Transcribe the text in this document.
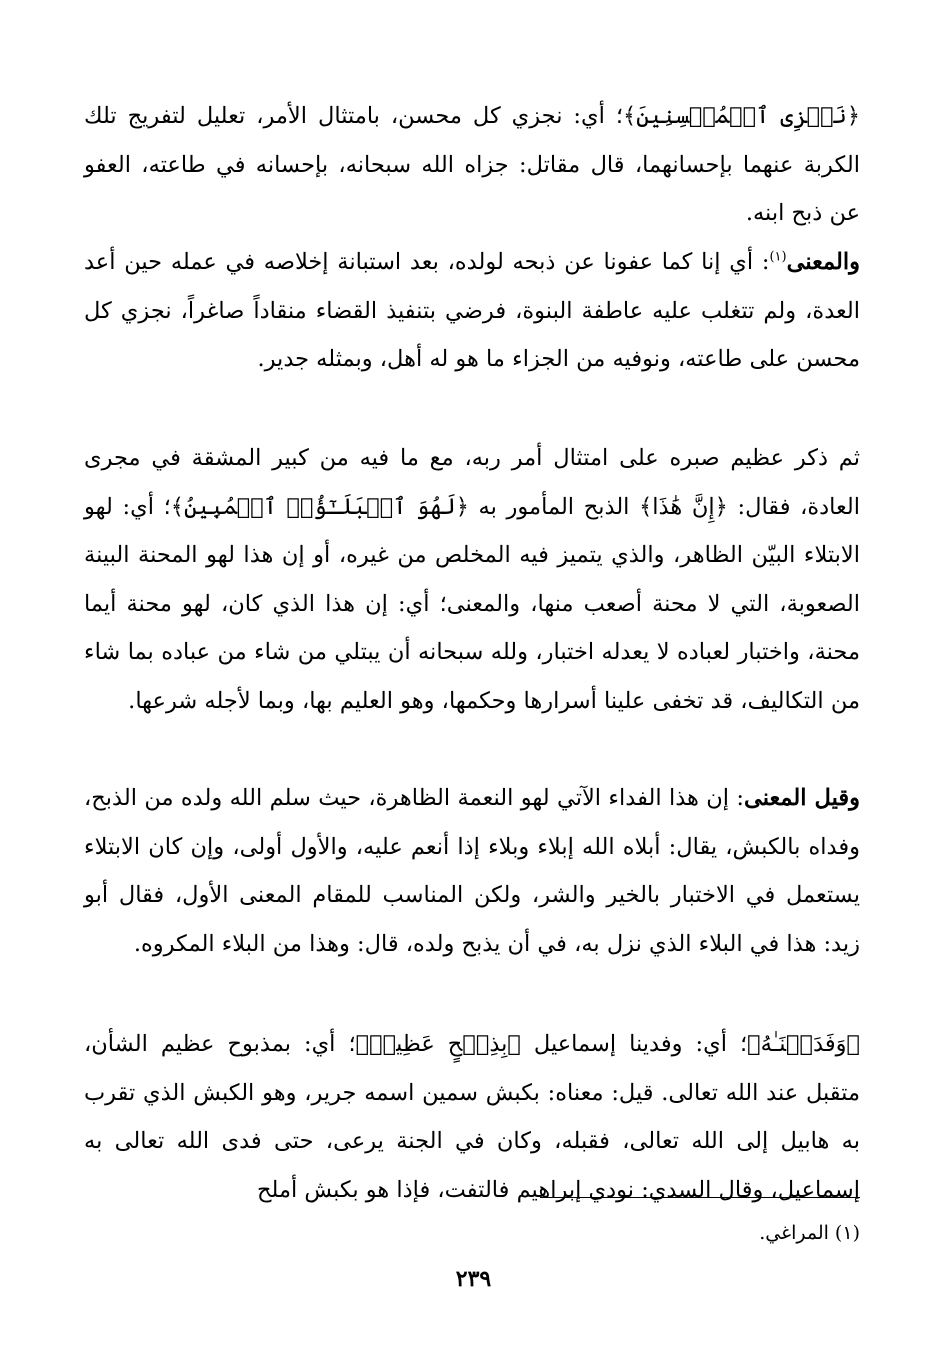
﴿نَجۡزِی ٱلۡمُحۡسِنِینَ﴾؛ أي: نجزي كل محسن، بامتثال الأمر، تعليل لتفريج تلك الكربة عنهما بإحسانهما، قال مقاتل: جزاه الله سبحانه، بإحسانه في طاعته، العفو عن ذبح ابنه.

والمعنى$^{(١)}$: أي إنا كما عفونا عن ذبحه لولده، بعد استبانة إخلاصه في عمله حين أعد العدة، ولم تتغلب عليه عاطفة البنوة، فرضي بتنفيذ القضاء منقاداً صاغراً، نجزي كل محسن على طاعته، ونوفيه من الجزاء ما هو له أهل، وبمثله جدير.

ثم ذكر عظيم صبره على امتثال أمر ربه، مع ما فيه من كبير المشقة في مجرى العادة، فقال: ﴿إِنَّ هَٰذَا﴾ الذبح المأمور به ﴿لَهُوَ ٱلۡبَلَـٰٓؤُا۟ ٱلۡمُبِینُ﴾؛ أي: لهو الابتلاء البيّن الظاهر، والذي يتميز فيه المخلص من غيره، أو إن هذا لهو المحنة البينة الصعوبة، التي لا محنة أصعب منها، والمعنى؛ أي: إن هذا الذي كان، لهو محنة أيما محنة، واختبار لعباده لا يعدله اختبار، ولله سبحانه أن يبتلي من شاء من عباده بما شاء من التكاليف، قد تخفى علينا أسرارها وحكمها، وهو العليم بها، وبما لأجله شرعها.

وقيل المعنى: إن هذا الفداء الآتي لهو النعمة الظاهرة، حيث سلم الله ولده من الذبح، وفداه بالكبش، يقال: أبلاه الله إبلاء وبلاء إذا أنعم عليه، والأول أولى، وإن كان الابتلاء يستعمل في الاختبار بالخير والشر، ولكن المناسب للمقام المعنى الأول، فقال أبو زيد: هذا في البلاء الذي نزل به، في أن يذبح ولده، قال: وهذا من البلاء المكروه.

﴿وَفَدَیۡنَـٰهُ﴾؛ أي: وفدينا إسماعيل ﴿بِذِبۡحٍ عَظِیمࣲ﴾؛ أي: بمذبوح عظيم الشأن، متقبل عند الله تعالى. قيل: معناه: بكبش سمين اسمه جرير، وهو الكبش الذي تقرب به هابيل إلى الله تعالى، فقبله، وكان في الجنة يرعى، حتى فدى الله تعالى به إسماعيل، وقال السدي: نودي إبراهيم فالتفت، فإذا هو بكبش أملح

(١) المراغي.
٢٣٩
